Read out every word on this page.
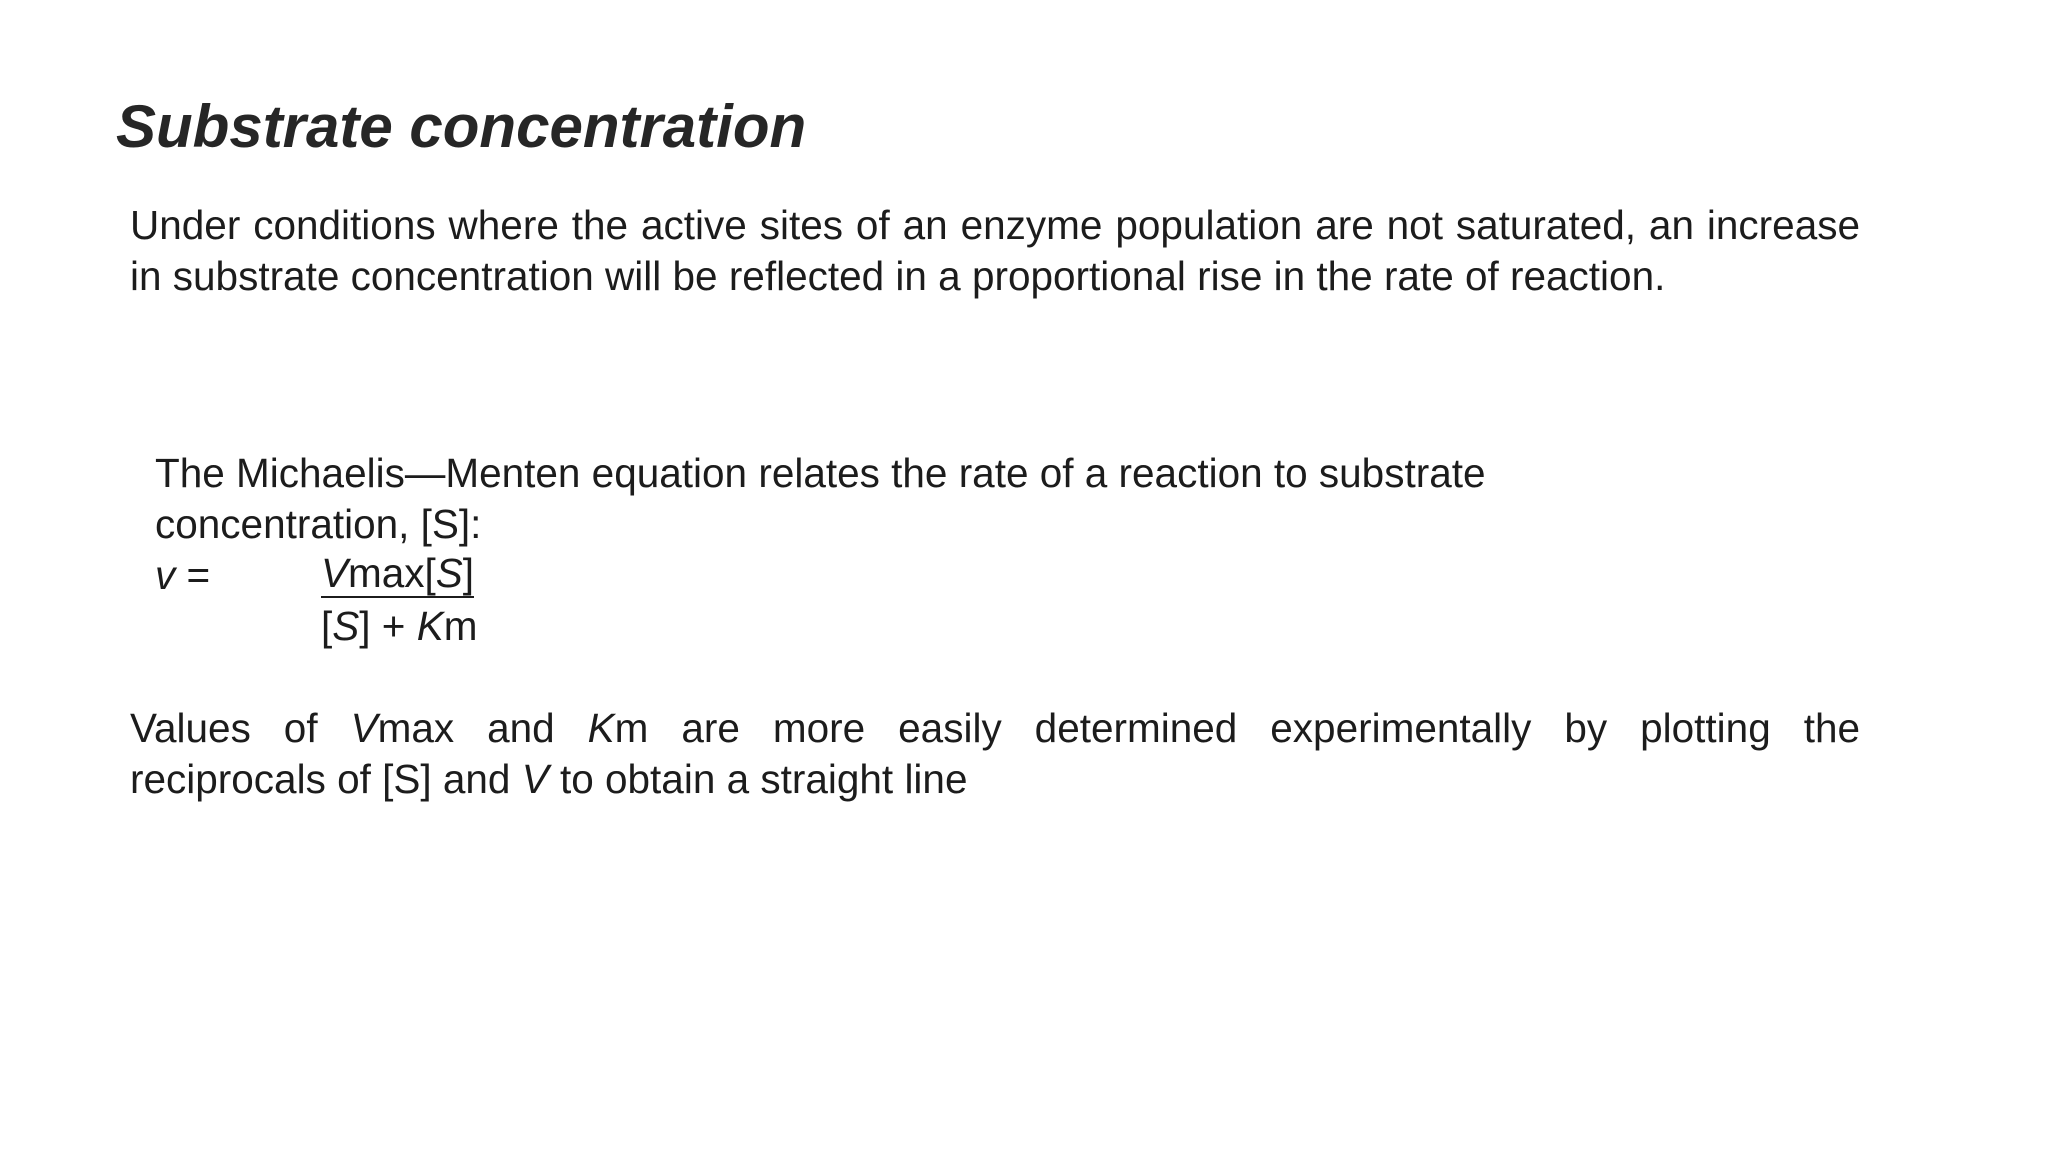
Substrate concentration

Under conditions where the active sites of an enzyme population are not saturated, an increase in substrate concentration will be reflected in a proportional rise in the rate of reaction.

The Michaelis—Menten equation relates the rate of a reaction to substrate
concentration, [S]:
v =	Vmax[S]
[S] + Km
Values of Vmax and Km are more easily determined experimentally by plotting the
reciprocals of [S] and V to obtain a straight line
